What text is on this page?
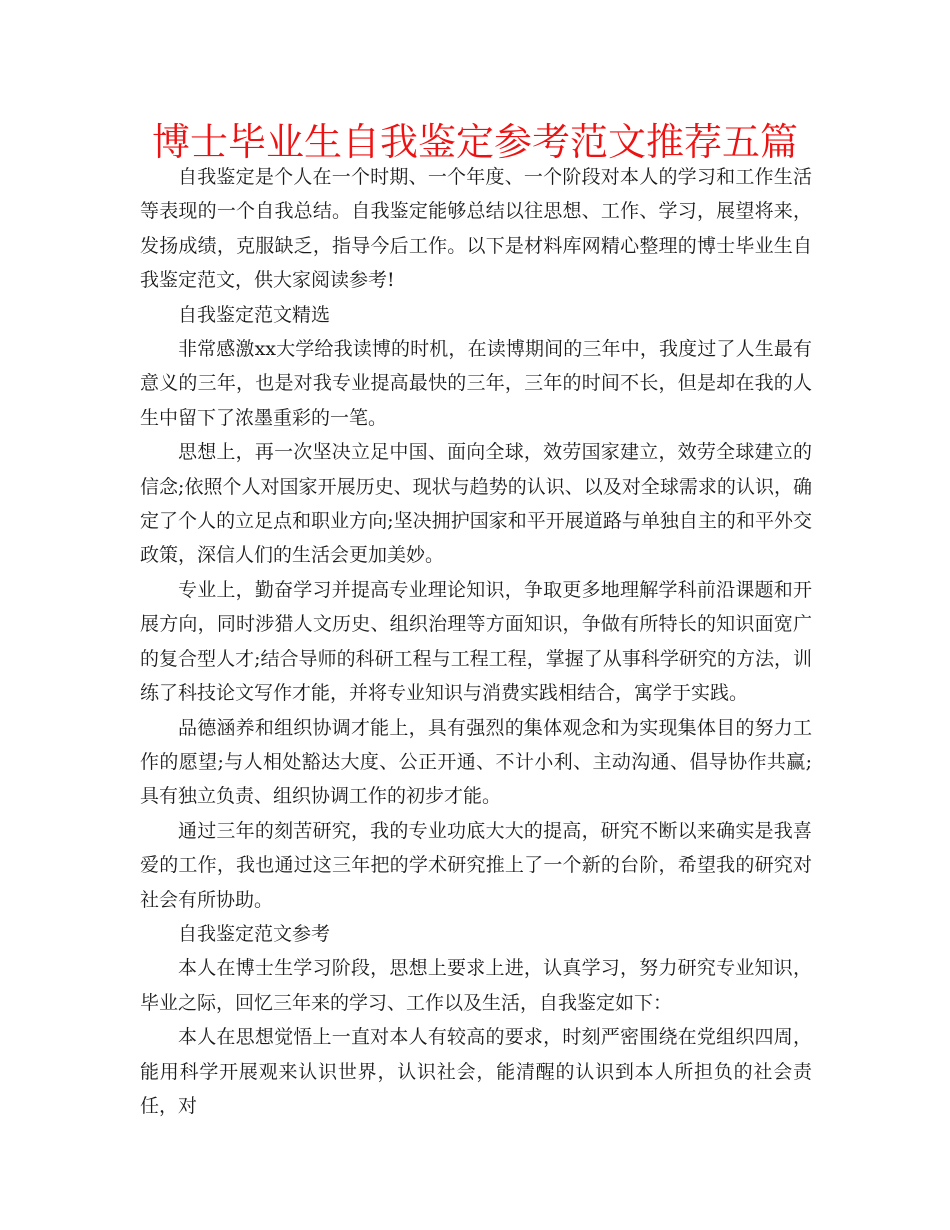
博士毕业生自我鉴定参考范文推荐五篇

自我鉴定是个人在一个时期、一个年度、一个阶段对本人的学习和工作生活等表现的一个自我总结。自我鉴定能够总结以往思想、工作、学习，展望将来，发扬成绩，克服缺乏，指导今后工作。以下是材料库网精心整理的博士毕业生自我鉴定范文，供大家阅读参考!

自我鉴定范文精选

非常感激xx大学给我读博的时机，在读博期间的三年中，我度过了人生最有意义的三年，也是对我专业提高最快的三年，三年的时间不长，但是却在我的人生中留下了浓墨重彩的一笔。

思想上，再一次坚决立足中国、面向全球，效劳国家建立，效劳全球建立的信念;依照个人对国家开展历史、现状与趋势的认识、以及对全球需求的认识，确定了个人的立足点和职业方向;坚决拥护国家和平开展道路与单独自主的和平外交政策，深信人们的生活会更加美妙。

专业上，勤奋学习并提高专业理论知识，争取更多地理解学科前沿课题和开展方向，同时涉猎人文历史、组织治理等方面知识，争做有所特长的知识面宽广的复合型人才;结合导师的科研工程与工程工程，掌握了从事科学研究的方法，训练了科技论文写作才能，并将专业知识与消费实践相结合，寓学于实践。

品德涵养和组织协调才能上，具有强烈的集体观念和为实现集体目的努力工作的愿望;与人相处豁达大度、公正开通、不计小利、主动沟通、倡导协作共赢;具有独立负责、组织协调工作的初步才能。

通过三年的刻苦研究，我的专业功底大大的提高，研究不断以来确实是我喜爱的工作，我也通过这三年把的学术研究推上了一个新的台阶，希望我的研究对社会有所协助。

自我鉴定范文参考

本人在博士生学习阶段，思想上要求上进，认真学习，努力研究专业知识，毕业之际，回忆三年来的学习、工作以及生活，自我鉴定如下：

本人在思想觉悟上一直对本人有较高的要求，时刻严密围绕在党组织四周，能用科学开展观来认识世界，认识社会，能清醒的认识到本人所担负的社会责任，对
